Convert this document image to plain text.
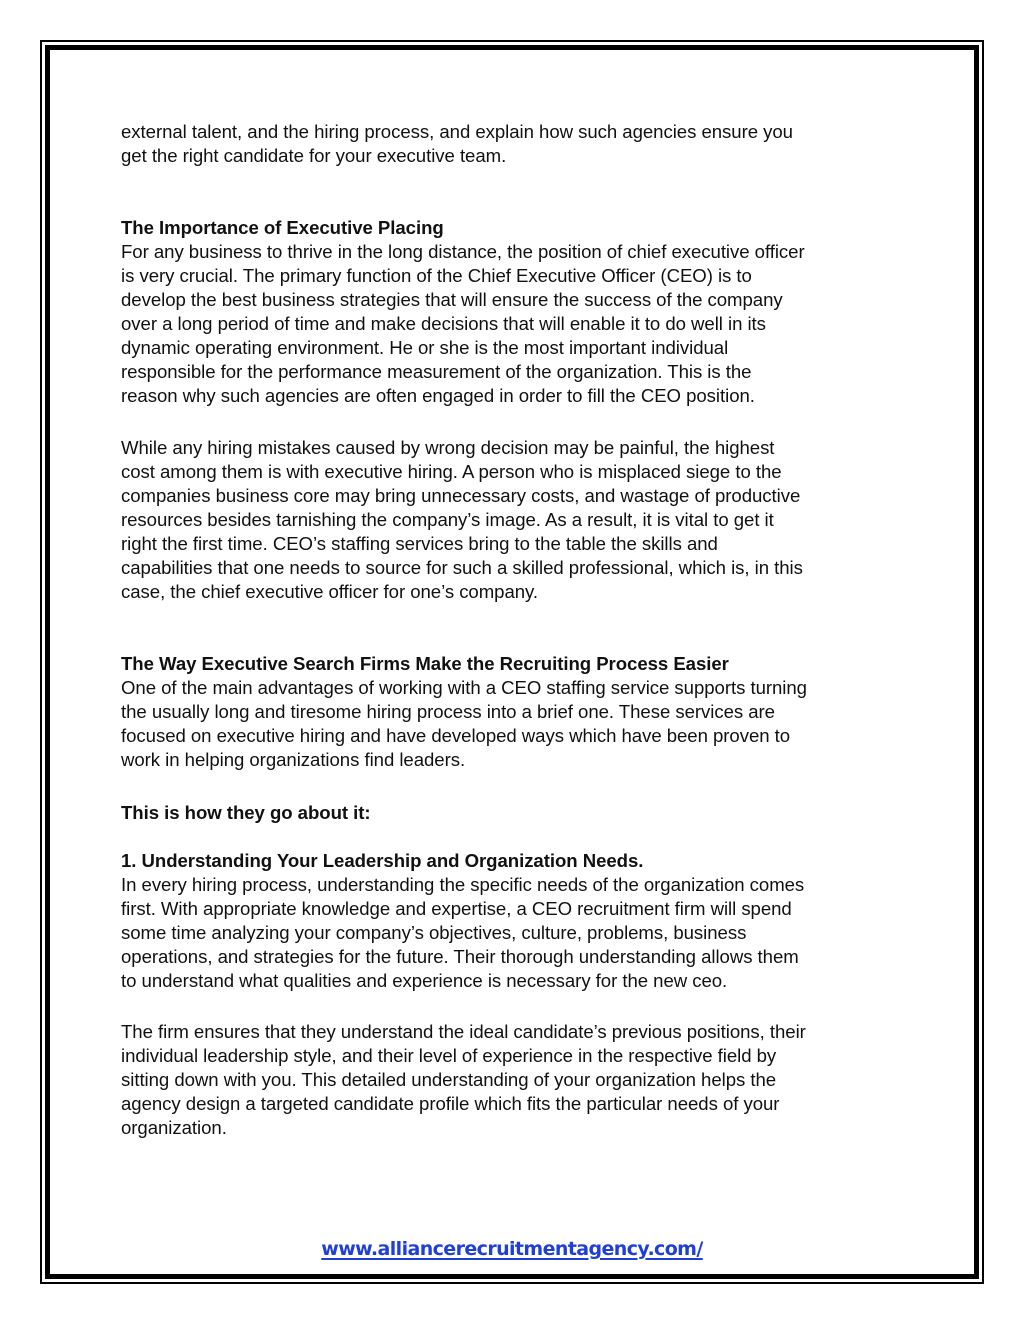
external talent, and the hiring process, and explain how such agencies ensure you
get the right candidate for your executive team.
The Importance of Executive Placing
For any business to thrive in the long distance, the position of chief executive officer
is very crucial. The primary function of the Chief Executive Officer (CEO) is to
develop the best business strategies that will ensure the success of the company
over a long period of time and make decisions that will enable it to do well in its
dynamic operating environment. He or she is the most important individual
responsible for the performance measurement of the organization. This is the
reason why such agencies are often engaged in order to fill the CEO position.
While any hiring mistakes caused by wrong decision may be painful, the highest
cost among them is with executive hiring. A person who is misplaced siege to the
companies business core may bring unnecessary costs, and wastage of productive
resources besides tarnishing the company’s image. As a result, it is vital to get it
right the first time. CEO’s staffing services bring to the table the skills and
capabilities that one needs to source for such a skilled professional, which is, in this
case, the chief executive officer for one’s company.
The Way Executive Search Firms Make the Recruiting Process Easier
One of the main advantages of working with a CEO staffing service supports turning
the usually long and tiresome hiring process into a brief one. These services are
focused on executive hiring and have developed ways which have been proven to
work in helping organizations find leaders.
This is how they go about it:
1. Understanding Your Leadership and Organization Needs.
In every hiring process, understanding the specific needs of the organization comes
first. With appropriate knowledge and expertise, a CEO recruitment firm will spend
some time analyzing your company’s objectives, culture, problems, business
operations, and strategies for the future. Their thorough understanding allows them
to understand what qualities and experience is necessary for the new ceo.
The firm ensures that they understand the ideal candidate’s previous positions, their
individual leadership style, and their level of experience in the respective field by
sitting down with you. This detailed understanding of your organization helps the
agency design a targeted candidate profile which fits the particular needs of your
organization.
www.alliancerecruitmentagency.com/
